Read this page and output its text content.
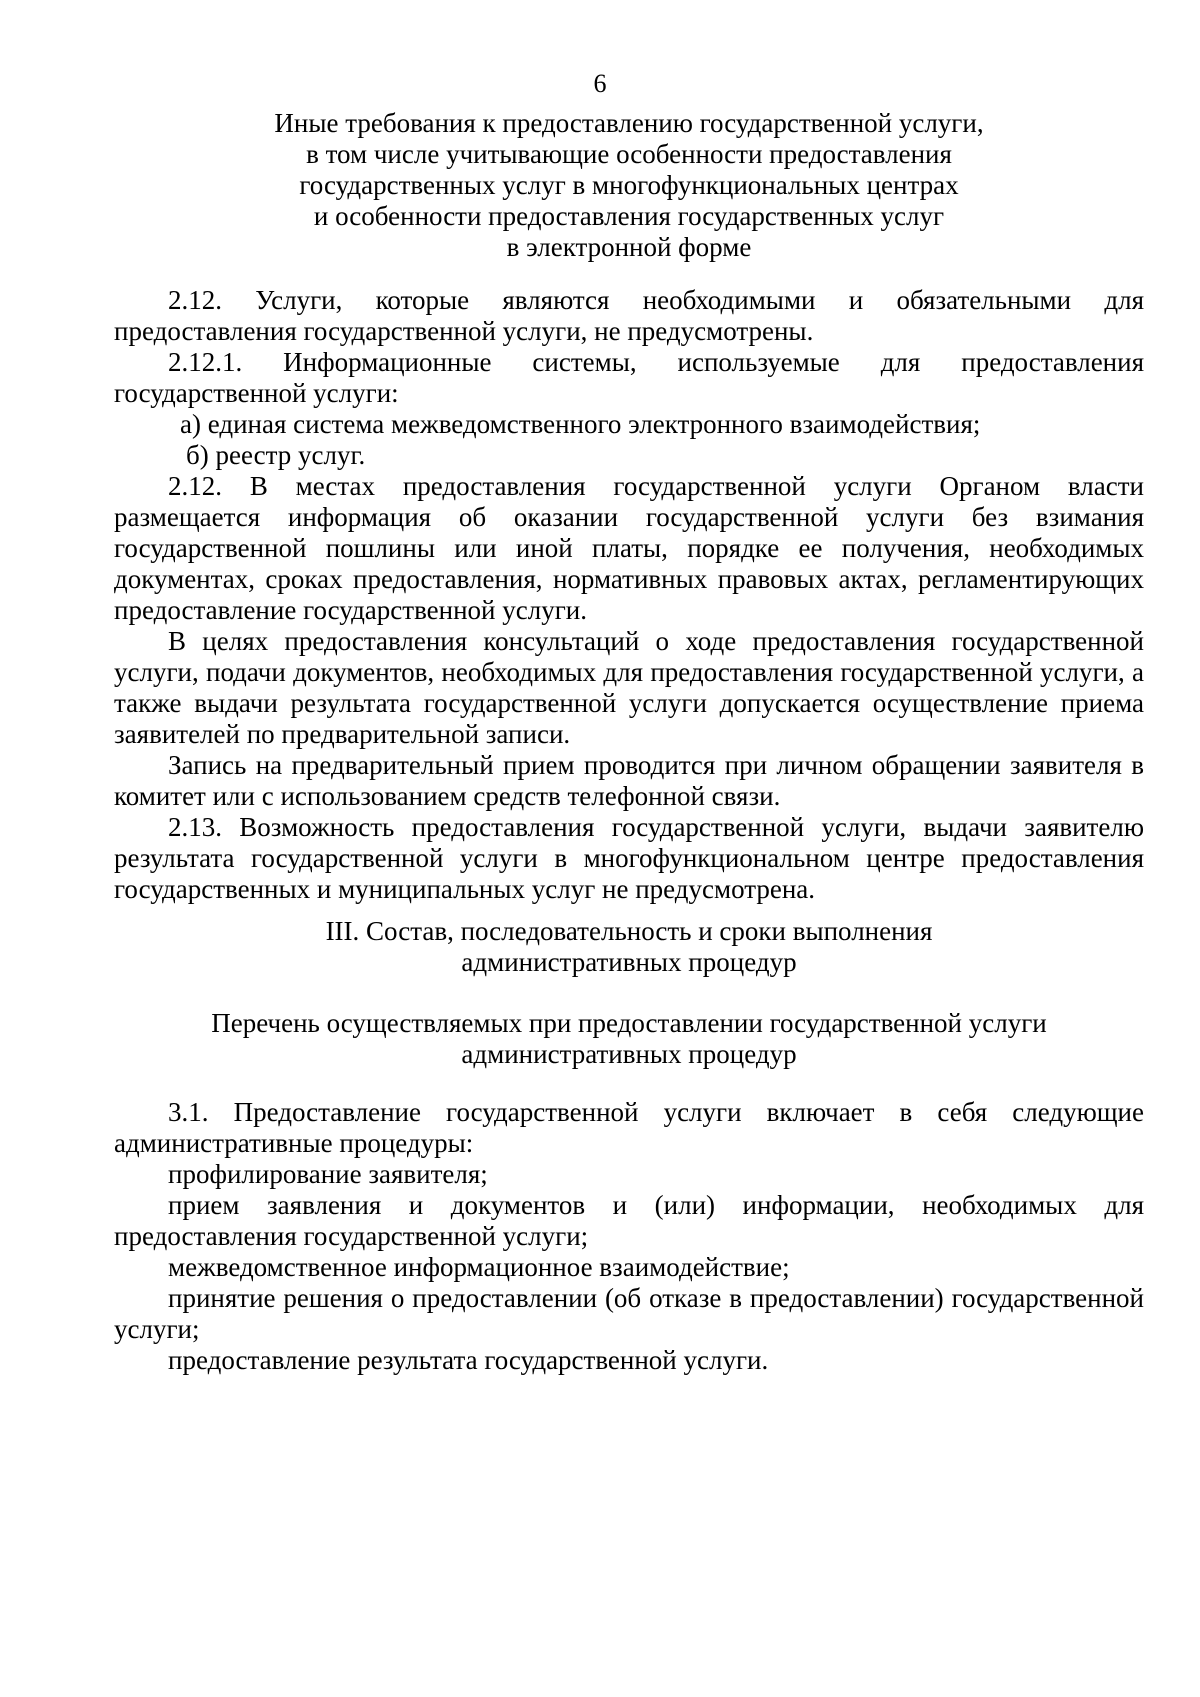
6
Иные требования к предоставлению государственной услуги,
в том числе учитывающие особенности предоставления
государственных услуг в многофункциональных центрах
и особенности предоставления государственных услуг
в электронной форме

2.12. Услуги, которые являются необходимыми и обязательными для предоставления государственной услуги, не предусмотрены.

2.12.1. Информационные системы, используемые для предоставления государственной услуги:

а) единая система межведомственного электронного взаимодействия;

б) реестр услуг.

2.12. В местах предоставления государственной услуги Органом власти размещается информация об оказании государственной услуги без взимания государственной пошлины или иной платы, порядке ее получения, необходимых документах, сроках предоставления, нормативных правовых актах, регламентирующих предоставление государственной услуги.

В целях предоставления консультаций о ходе предоставления государственной услуги, подачи документов, необходимых для предоставления государственной услуги, а также выдачи результата государственной услуги допускается осуществление приема заявителей по предварительной записи.

Запись на предварительный прием проводится при личном обращении заявителя в комитет или с использованием средств телефонной связи.

2.13. Возможность предоставления государственной услуги, выдачи заявителю результата государственной услуги в многофункциональном центре предоставления государственных и муниципальных услуг не предусмотрена.

III. Состав, последовательность и сроки выполнения
административных процедур
Перечень осуществляемых при предоставлении государственной услуги
административных процедур

3.1. Предоставление государственной услуги включает в себя следующие административные процедуры:

профилирование заявителя;

прием заявления и документов и (или) информации, необходимых для предоставления государственной услуги;

межведомственное информационное взаимодействие;

принятие решения о предоставлении (об отказе в предоставлении) государственной услуги;

предоставление результата государственной услуги.
